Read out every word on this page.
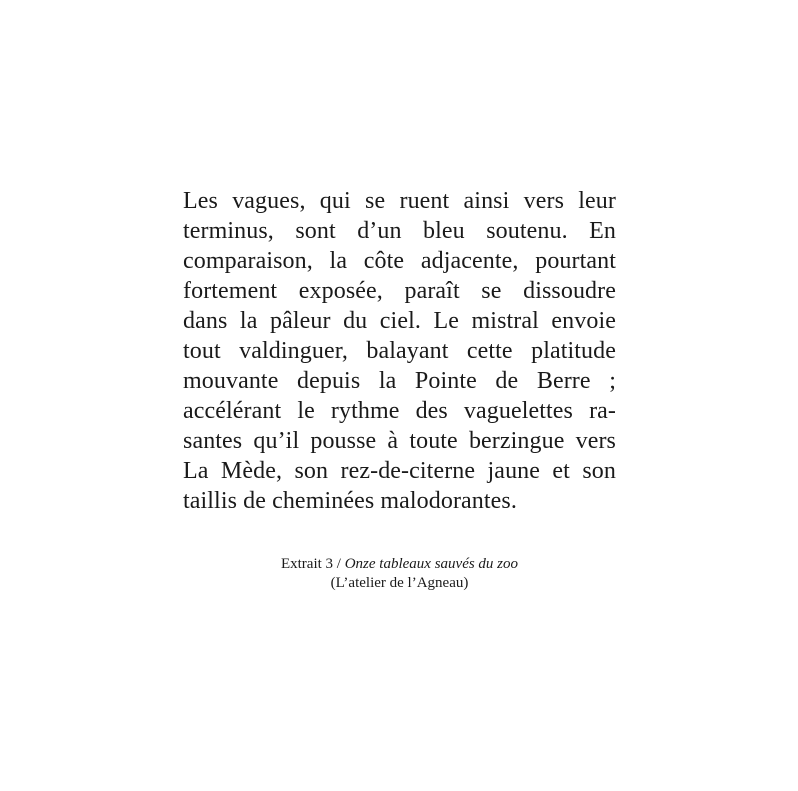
Les vagues, qui se ruent ainsi vers leur
terminus, sont d’un bleu soutenu. En
comparaison, la côte adjacente, pourtant
fortement exposée, paraît se dissoudre
dans la pâleur du ciel. Le mistral envoie
tout valdinguer, balayant cette platitude
mouvante depuis la Pointe de Berre ;
accélérant le rythme des vaguelettes ra-
santes qu’il pousse à toute berzingue vers
La Mède, son rez-de-citerne jaune et son
taillis de cheminées malodorantes.
Extrait 3 / Onze tableaux sauvés du zoo
(L’atelier de l’Agneau)
